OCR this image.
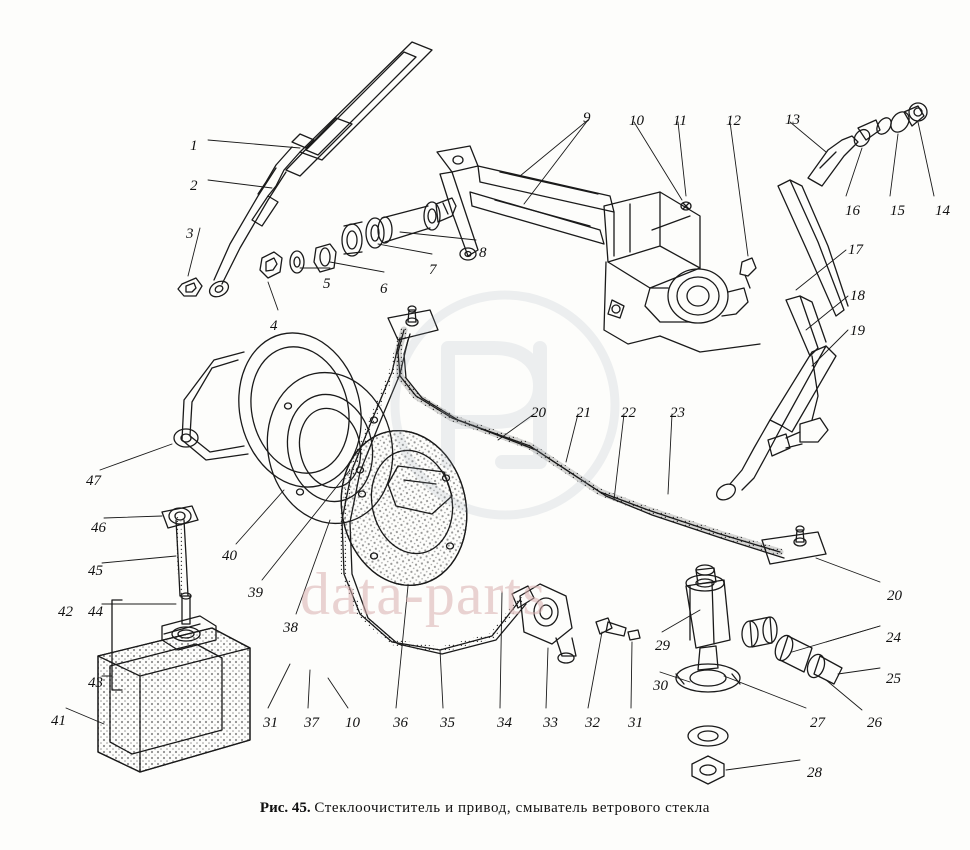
data-parts
1
2
3
4
5	6
7
8
9	10 11	12	13
14
15
16
17
18
19
20 21 22 23
20
24
25
26
27
28
29
30
31 37 10 36 35	34 33 32 31
38
39
40
41
43
44
42
45
46
47
Рис. 45. Стеклоочиститель и привод, смыватель ветрового стекла
